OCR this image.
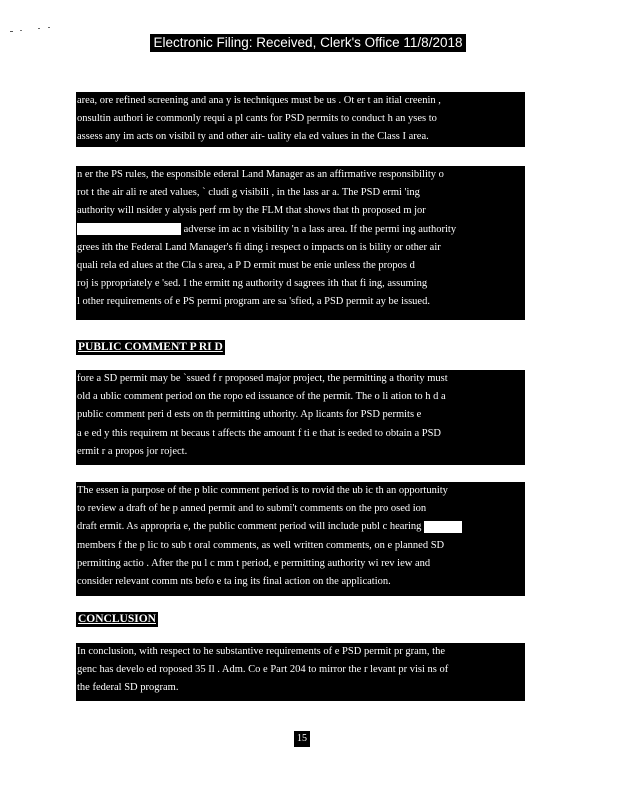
Electronic Filing: Received, Clerk's Office 11/8/2018
area, ore refined screening and ana y is techniques must be us . Ot er t an itial creenin ,
onsultin authori ie commonly requi a pl cants for PSD permits to conduct h an yses to
assess any im acts on visibil ty and other air- uality ela ed values in the Class I area.
n er the PS rules, the esponsible ederal Land Manager as an affirmative responsibility o
rot t the air ali re ated values, ` cludi g visibili , in the lass ar a. The PSD ermi 'ing
authority will nsider y alysis perf rm by the FLM that shows that th proposed m jor
adverse im ac n visibility 'n a lass area. If the permi ing authority
grees ith the Federal Land Manager's fi ding i respect o impacts on is bility or other air
quali rela ed alues at the Cla s area, a P D ermit must be enie unless the propos d
roj is ppropriately e 'sed. I the ermitt ng authority d sagrees ith that fi ing, assuming
l other requirements of e PS permi program are sa 'sfied, a PSD permit ay be issued.
PUBLIC COMMENT P RI D
fore a SD permit may be `ssued f r proposed major project, the permitting a thority must
old a ublic comment period on the ropo ed issuance of the permit. The o li ation to h d a
public comment peri d ests on th permitting uthority. Ap licants for PSD permits e
a e ed y this requirem nt becaus t affects the amount f ti e that is eeded to obtain a PSD
ermit r a propos jor roject.
The essen ia purpose of the p blic comment period is to rovid the ub ic th an opportunity
to review a draft of he p anned permit and to submi't comments on the pro osed ion
draft ermit. As appropria e, the public comment period will include publ c hearing
members f the p lic to sub t oral comments, as well written comments, on e planned SD
permitting actio . After the pu l c mm t period, e permitting authority wi rev iew and
consider relevant comm nts befo e ta ing its final action on the application.
CONCLUSION
In conclusion, with respect to he substantive requirements of e PSD permit pr gram, the
genc has develo ed roposed 35 Il . Adm. Co e Part 204 to mirror the r levant pr visi ns of
the federal SD program.
15
